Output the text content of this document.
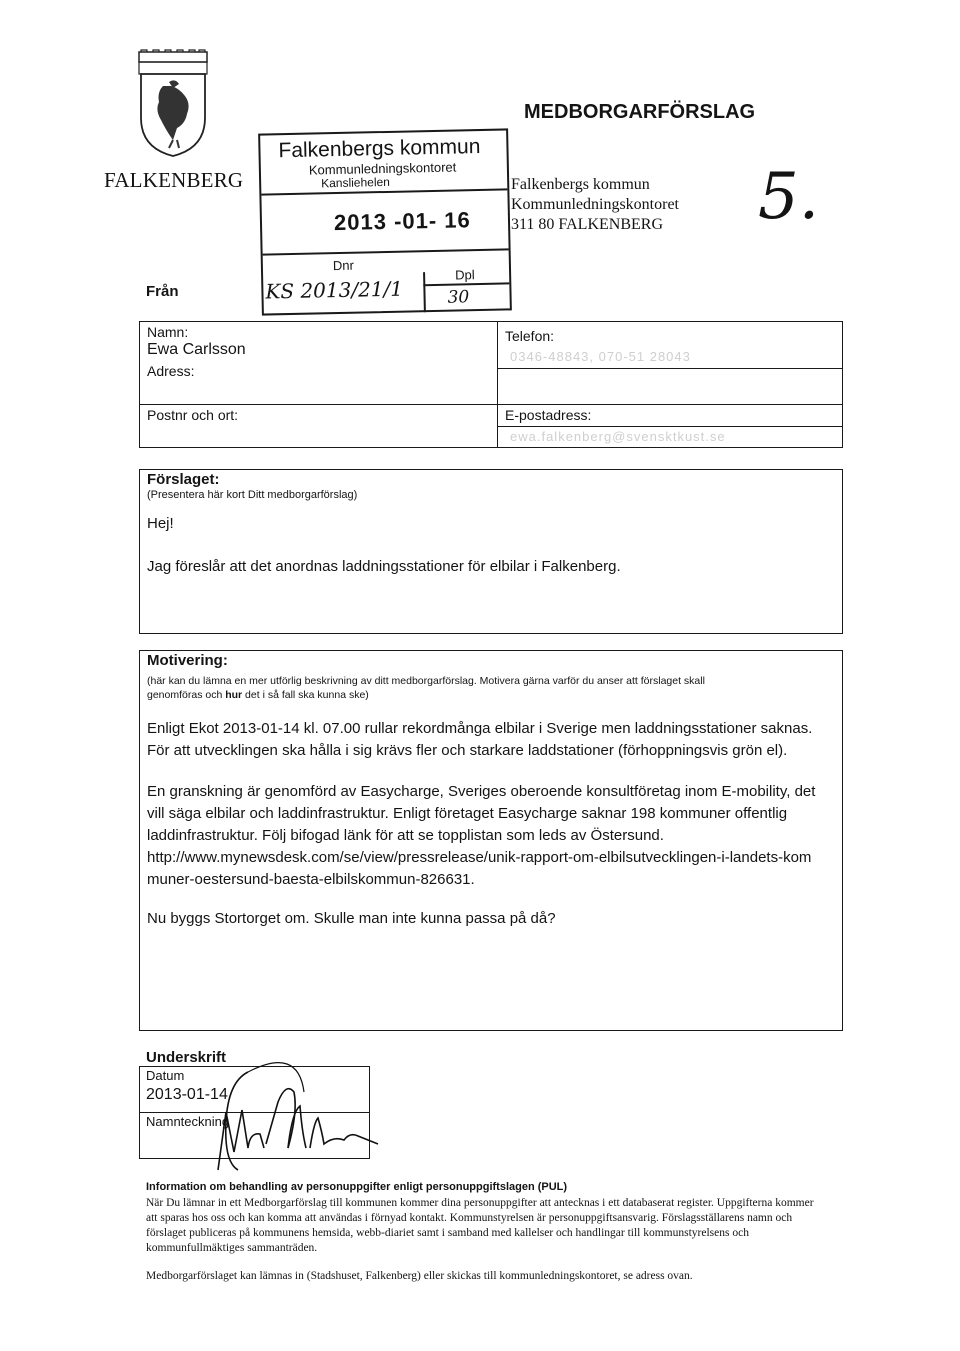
FALKENBERG
MEDBORGARFÖRSLAG
Falkenbergs kommun
Kommunledningskontoret
311 80 FALKENBERG 5.
Falkenbergs kommun
Kommunledningskontoret
Kansliehelen
2013 -01- 16
Dnr
Dpl
KS 2013/21/1	30
Från
Namn:
Ewa Carlsson
Adress:
Postnr och ort:
Telefon:
0346-48843, 070-51 28043
E-postadress:
ewa.falkenberg@svensktkust.se
Förslaget:
(Presentera här kort Ditt medborgarförslag)
Hej!
Jag föreslår att det anordnas laddningsstationer för elbilar i Falkenberg.
Motivering:
(här kan du lämna en mer utförlig beskrivning av ditt medborgarförslag. Motivera gärna varför du anser att förslaget skall
genomföras och hur det i så fall ska kunna ske)
Enligt Ekot 2013-01-14 kl. 07.00 rullar rekordmånga elbilar i Sverige men laddningsstationer saknas.
För att utvecklingen ska hålla i sig krävs fler och starkare laddstationer (förhoppningsvis grön el).
En granskning är genomförd av Easycharge, Sveriges oberoende konsultföretag inom E-mobility, det
vill säga elbilar och laddinfrastruktur. Enligt företaget Easycharge saknar 198 kommuner offentlig
laddinfrastruktur. Följ bifogad länk för att se topplistan som leds av Östersund.
http://www.mynewsdesk.com/se/view/pressrelease/unik-rapport-om-elbilsutvecklingen-i-landets-kom
muner-oestersund-baesta-elbilskommun-826631.
Nu byggs Stortorget om. Skulle man inte kunna passa på då?
Underskrift
Datum
2013-01-14
Namnteckning
Information om behandling av personuppgifter enligt personuppgiftslagen (PUL)
När Du lämnar in ett Medborgarförslag till kommunen kommer dina personuppgifter att antecknas i ett databaserat register. Uppgifterna kommer
att sparas hos oss och kan komma att användas i förnyad kontakt. Kommunstyrelsen är personuppgiftsansvarig. Förslagsställarens namn och
förslaget publiceras på kommunens hemsida, webb-diariet samt i samband med kallelser och handlingar till kommunstyrelsens och
kommunfullmäktiges sammanträden.
Medborgarförslaget kan lämnas in (Stadshuset, Falkenberg) eller skickas till kommunledningskontoret, se adress ovan.
